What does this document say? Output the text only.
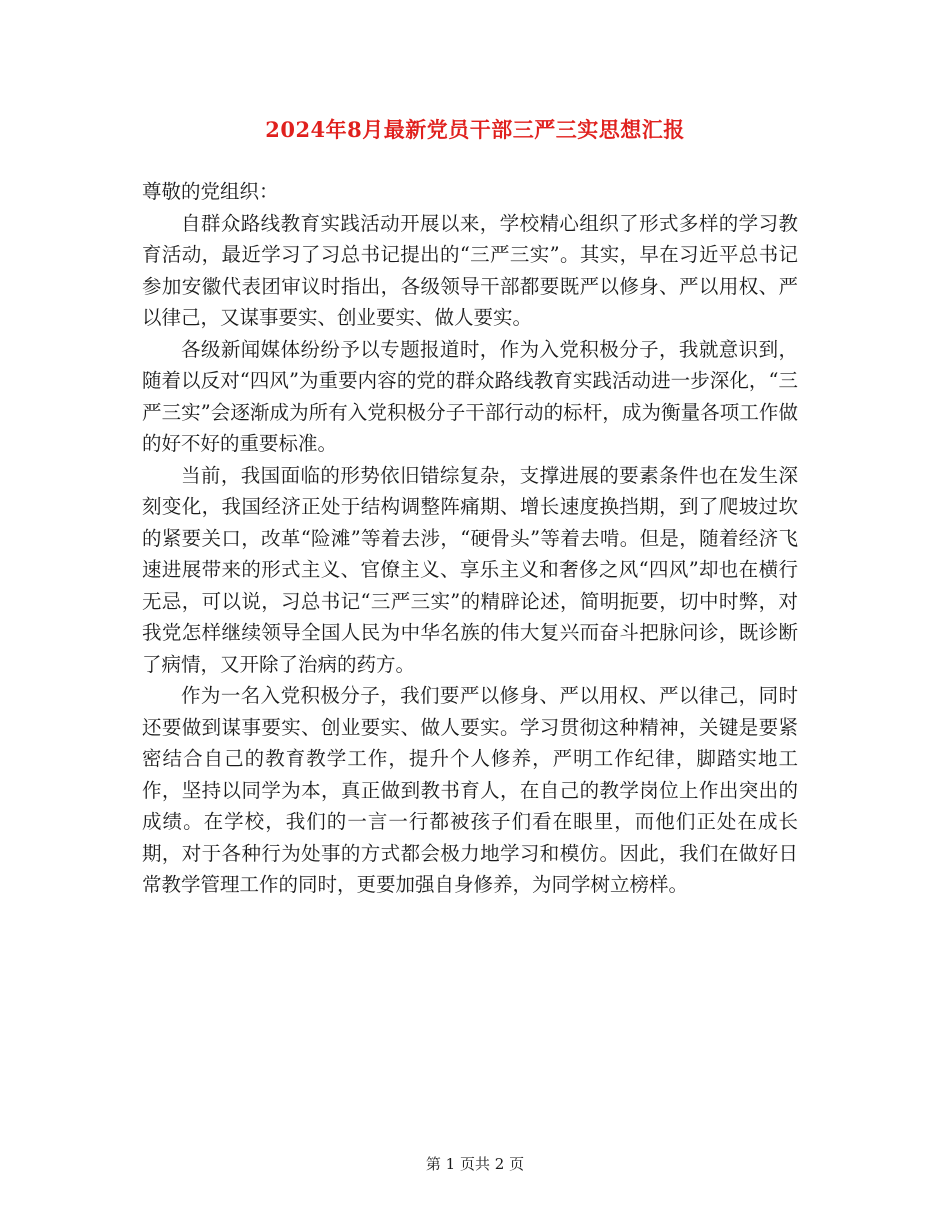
2024年8月最新党员干部三严三实思想汇报

尊敬的党组织：

自群众路线教育实践活动开展以来，学校精心组织了形式多样的学习教育活动，最近学习了习总书记提出的“三严三实”。其实，早在习近平总书记参加安徽代表团审议时指出，各级领导干部都要既严以修身、严以用权、严以律己，又谋事要实、创业要实、做人要实。

各级新闻媒体纷纷予以专题报道时，作为入党积极分子，我就意识到，随着以反对“四风”为重要内容的党的群众路线教育实践活动进一步深化，“三严三实”会逐渐成为所有入党积极分子干部行动的标杆，成为衡量各项工作做的好不好的重要标准。

当前，我国面临的形势依旧错综复杂，支撑进展的要素条件也在发生深刻变化，我国经济正处于结构调整阵痛期、增长速度换挡期，到了爬坡过坎的紧要关口，改革“险滩”等着去涉，“硬骨头”等着去啃。但是，随着经济飞速进展带来的形式主义、官僚主义、享乐主义和奢侈之风“四风”却也在横行无忌，可以说，习总书记“三严三实”的精辟论述，简明扼要，切中时弊，对我党怎样继续领导全国人民为中华名族的伟大复兴而奋斗把脉问诊，既诊断了病情，又开除了治病的药方。

作为一名入党积极分子，我们要严以修身、严以用权、严以律己，同时还要做到谋事要实、创业要实、做人要实。学习贯彻这种精神，关键是要紧密结合自己的教育教学工作，提升个人修养，严明工作纪律，脚踏实地工作，坚持以同学为本，真正做到教书育人，在自己的教学岗位上作出突出的成绩。在学校，我们的一言一行都被孩子们看在眼里，而他们正处在成长期，对于各种行为处事的方式都会极力地学习和模仿。因此，我们在做好日常教学管理工作的同时，更要加强自身修养，为同学树立榜样。

第 1 页共 2 页
